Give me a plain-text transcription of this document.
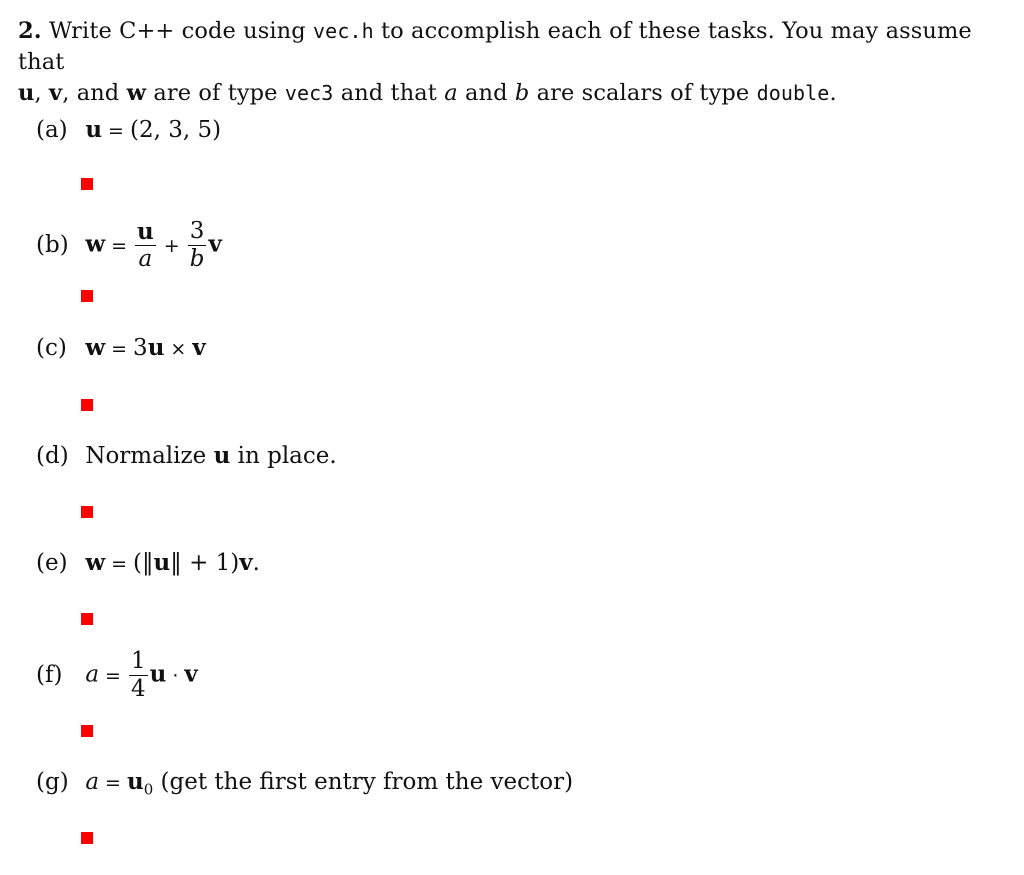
2. Write C++ code using vec.h to accomplish each of these tasks. You may assume that
u, v, and w are of type vec3 and that a and b are scalars of type double.
(a) u = (2, 3, 5)
(b) $w = \frac{u}{a} + \frac{3}{b}$ v
(c) w = 3u × v
(d) Normalize u in place.
(e) w = (‖u‖ + 1)v.
(f) $a = \frac{1}{4}$ u · v
(g) $a = u_0$ (get the first entry from the vector)
